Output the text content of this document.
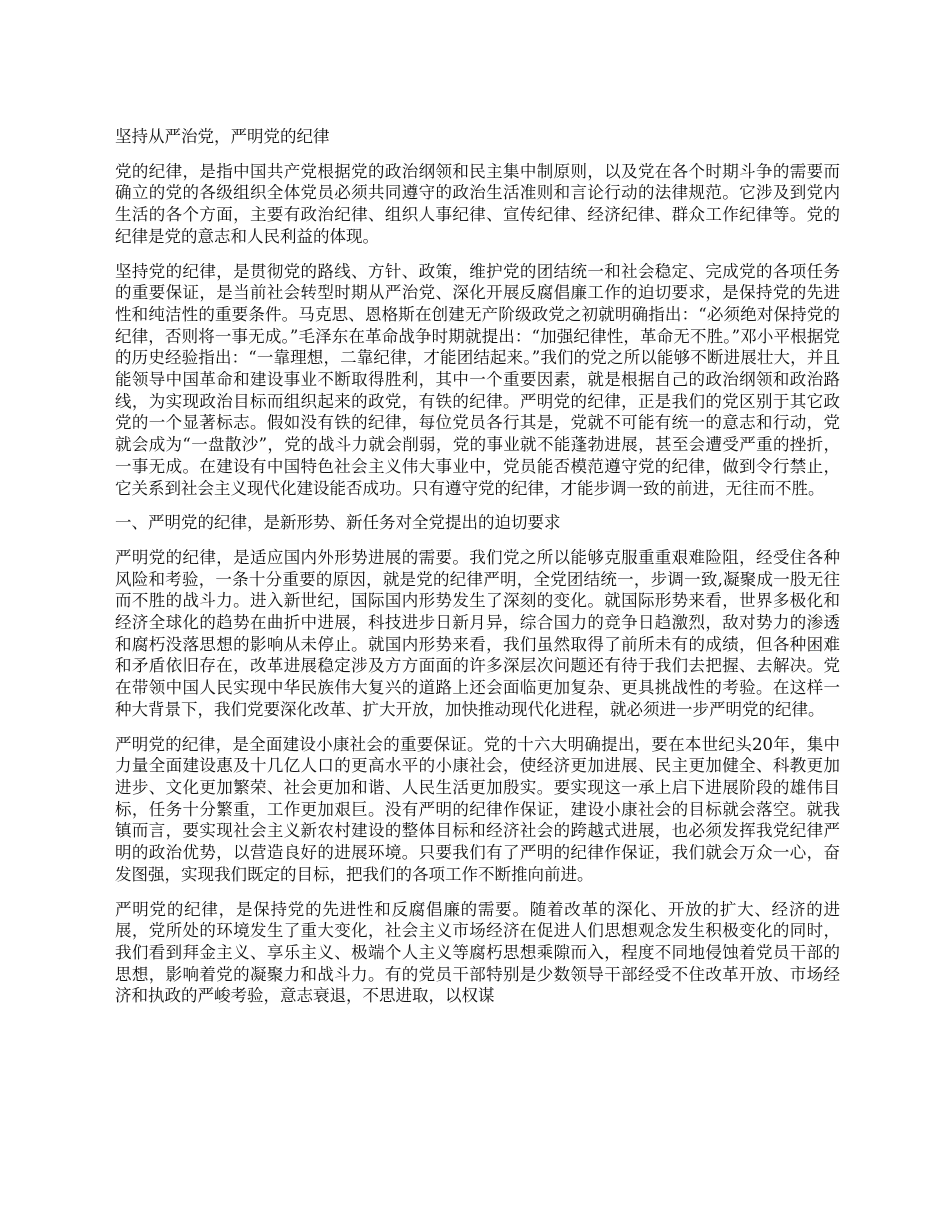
坚持从严治党，严明党的纪律

党的纪律，是指中国共产党根据党的政治纲领和民主集中制原则，以及党在各个时期斗争的需要而确立的党的各级组织全体党员必须共同遵守的政治生活准则和言论行动的法律规范。它涉及到党内生活的各个方面，主要有政治纪律、组织人事纪律、宣传纪律、经济纪律、群众工作纪律等。党的纪律是党的意志和人民利益的体现。

坚持党的纪律，是贯彻党的路线、方针、政策，维护党的团结统一和社会稳定、完成党的各项任务的重要保证，是当前社会转型时期从严治党、深化开展反腐倡廉工作的迫切要求，是保持党的先进性和纯洁性的重要条件。马克思、恩格斯在创建无产阶级政党之初就明确指出：“必须绝对保持党的纪律，否则将一事无成。”毛泽东在革命战争时期就提出：“加强纪律性，革命无不胜。”邓小平根据党的历史经验指出：“一靠理想，二靠纪律，才能团结起来。”我们的党之所以能够不断进展壮大，并且能领导中国革命和建设事业不断取得胜利，其中一个重要因素，就是根据自己的政治纲领和政治路线，为实现政治目标而组织起来的政党，有铁的纪律。严明党的纪律，正是我们的党区别于其它政党的一个显著标志。假如没有铁的纪律，每位党员各行其是，党就不可能有统一的意志和行动，党就会成为“一盘散沙”，党的战斗力就会削弱，党的事业就不能蓬勃进展，甚至会遭受严重的挫折，一事无成。在建设有中国特色社会主义伟大事业中，党员能否模范遵守党的纪律，做到令行禁止，它关系到社会主义现代化建设能否成功。只有遵守党的纪律，才能步调一致的前进，无往而不胜。

一、严明党的纪律，是新形势、新任务对全党提出的迫切要求

严明党的纪律，是适应国内外形势进展的需要。我们党之所以能够克服重重艰难险阻，经受住各种风险和考验，一条十分重要的原因，就是党的纪律严明，全党团结统一，步调一致,凝聚成一股无往而不胜的战斗力。进入新世纪，国际国内形势发生了深刻的变化。就国际形势来看，世界多极化和经济全球化的趋势在曲折中进展，科技进步日新月异，综合国力的竞争日趋激烈，敌对势力的渗透和腐朽没落思想的影响从未停止。就国内形势来看，我们虽然取得了前所未有的成绩，但各种困难和矛盾依旧存在，改革进展稳定涉及方方面面的许多深层次问题还有待于我们去把握、去解决。党在带领中国人民实现中华民族伟大复兴的道路上还会面临更加复杂、更具挑战性的考验。在这样一种大背景下，我们党要深化改革、扩大开放，加快推动现代化进程，就必须进一步严明党的纪律。

严明党的纪律，是全面建设小康社会的重要保证。党的十六大明确提出，要在本世纪头20年，集中力量全面建设惠及十几亿人口的更高水平的小康社会，使经济更加进展、民主更加健全、科教更加进步、文化更加繁荣、社会更加和谐、人民生活更加殷实。要实现这一承上启下进展阶段的雄伟目标，任务十分繁重，工作更加艰巨。没有严明的纪律作保证，建设小康社会的目标就会落空。就我镇而言，要实现社会主义新农村建设的整体目标和经济社会的跨越式进展，也必须发挥我党纪律严明的政治优势，以营造良好的进展环境。只要我们有了严明的纪律作保证，我们就会万众一心，奋发图强，实现我们既定的目标，把我们的各项工作不断推向前进。

严明党的纪律，是保持党的先进性和反腐倡廉的需要。随着改革的深化、开放的扩大、经济的进展，党所处的环境发生了重大变化，社会主义市场经济在促进人们思想观念发生积极变化的同时，我们看到拜金主义、享乐主义、极端个人主义等腐朽思想乘隙而入，程度不同地侵蚀着党员干部的思想，影响着党的凝聚力和战斗力。有的党员干部特别是少数领导干部经受不住改革开放、市场经济和执政的严峻考验，意志衰退，不思进取，以权谋
